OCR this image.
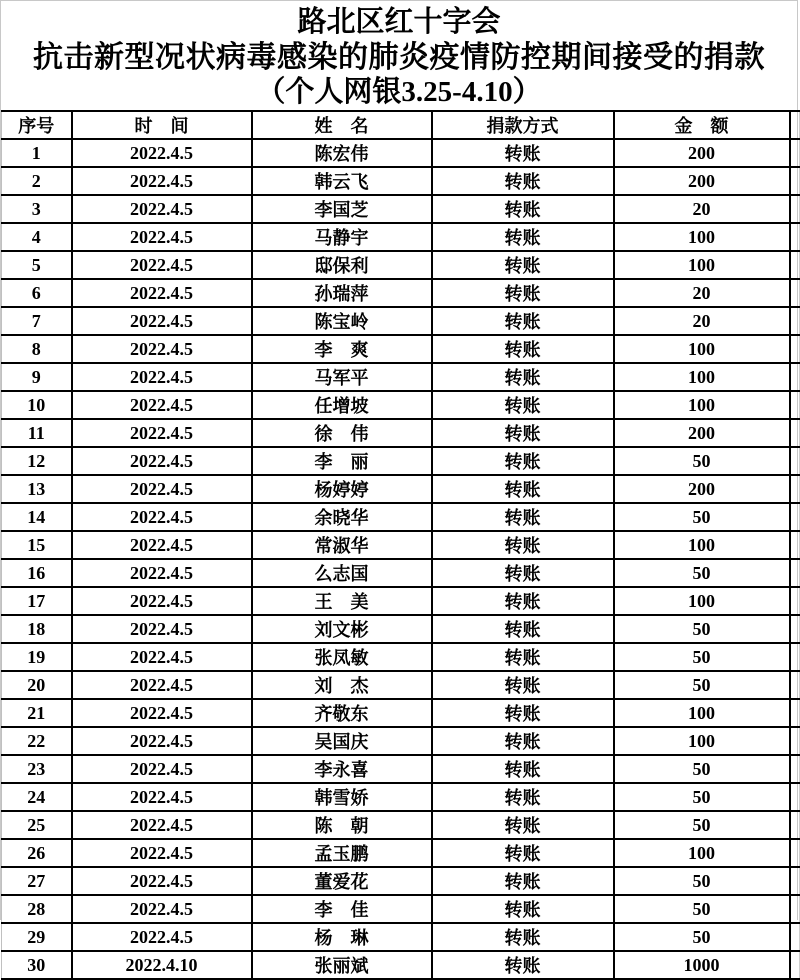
路北区红十字会
抗击新型况状病毒感染的肺炎疫情防控期间接受的捐款
（个人网银3.25-4.10）
序号	时　间	姓　名	捐款方式	金　额	
1	2022.4.5	陈宏伟	转账	200	
2	2022.4.5	韩云飞	转账	200	
3	2022.4.5	李国芝	转账	20	
4	2022.4.5	马静宇	转账	100	
5	2022.4.5	邸保利	转账	100	
6	2022.4.5	孙瑞萍	转账	20	
7	2022.4.5	陈宝岭	转账	20	
8	2022.4.5	李　爽	转账	100	
9	2022.4.5	马军平	转账	100	
10	2022.4.5	任增坡	转账	100	
11	2022.4.5	徐　伟	转账	200	
12	2022.4.5	李　丽	转账	50	
13	2022.4.5	杨婷婷	转账	200	
14	2022.4.5	余晓华	转账	50	
15	2022.4.5	常淑华	转账	100	
16	2022.4.5	么志国	转账	50	
17	2022.4.5	王　美	转账	100	
18	2022.4.5	刘文彬	转账	50	
19	2022.4.5	张凤敏	转账	50	
20	2022.4.5	刘　杰	转账	50	
21	2022.4.5	齐敬东	转账	100	
22	2022.4.5	吴国庆	转账	100	
23	2022.4.5	李永喜	转账	50	
24	2022.4.5	韩雪娇	转账	50	
25	2022.4.5	陈　朝	转账	50	
26	2022.4.5	孟玉鹏	转账	100	
27	2022.4.5	董爱花	转账	50	
28	2022.4.5	李　佳	转账	50	
29	2022.4.5	杨　琳	转账	50	
30	2022.4.10	张丽斌	转账	1000	
